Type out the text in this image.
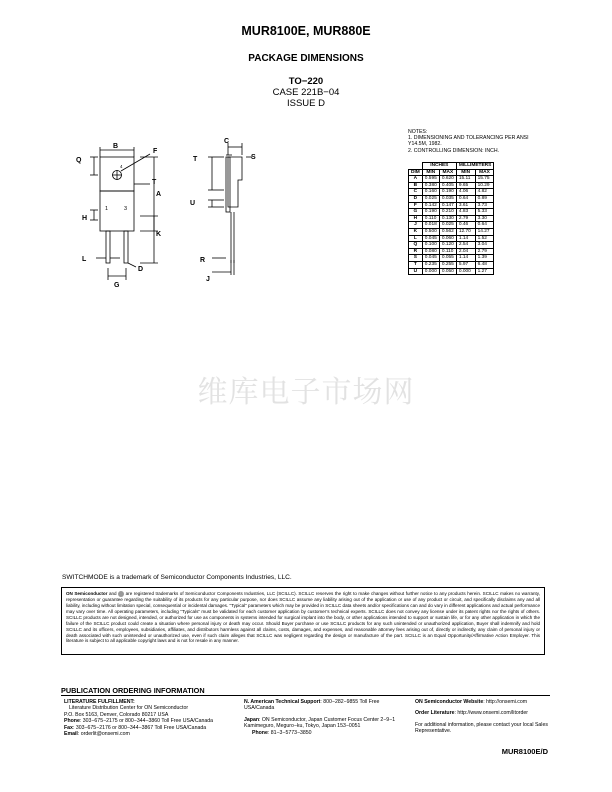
MUR8100E, MUR880E
PACKAGE DIMENSIONS
TO−220
CASE 221B−04
ISSUE D
Q
B
F
T
A
H
K
L
D
G
1	3
4
C
S
T
U
R
J
NOTES:
1. DIMENSIONING AND TOLERANCING PER ANSI
Y14.5M, 1982.
2. CONTROLLING DIMENSION: INCH.
	INCHES		MILLIMETERS	
DIM	MIN	MAX	MIN	MAX
A	0.595	0.620	15.11	15.75
B	0.380	0.405	9.65	10.29
C	0.160	0.190	4.06	4.82
D	0.025	0.035	0.64	0.89
F	0.142	0.147	3.61	3.73
G	0.190	0.210	4.83	5.33
H	0.110	0.130	2.79	3.30
J	0.018	0.025	0.46	0.64
K	0.500	0.562	12.70	14.27
L	0.045	0.060	1.14	1.52
Q	0.100	0.120	2.54	3.04
R	0.080	0.110	2.04	2.79
S	0.045	0.055	1.14	1.39
T	0.235	0.255	5.97	6.48
U	0.000	0.050	0.000	1.27
维库电子市场网
SWITCHMODE is a trademark of Semiconductor Components Industries, LLC.
ON Semiconductor and  are registered trademarks of Semiconductor Components Industries, LLC (SCILLC). SCILLC reserves the right to make changes without further notice to any products herein. SCILLC makes no warranty, representation or guarantee regarding the suitability of its products for any particular purpose, nor does SCILLC assume any liability arising out of the application or use of any product or circuit, and specifically disclaims any and all liability, including without limitation special, consequential or incidental damages. “Typical” parameters which may be provided in SCILLC data sheets and/or specifications can and do vary in different applications and actual performance may vary over time. All operating parameters, including “Typicals” must be validated for each customer application by customer’s technical experts. SCILLC does not convey any license under its patent rights nor the rights of others. SCILLC products are not designed, intended, or authorized for use as components in systems intended for surgical implant into the body, or other applications intended to support or sustain life, or for any other application in which the failure of the SCILLC product could create a situation where personal injury or death may occur. Should Buyer purchase or use SCILLC products for any such unintended or unauthorized application, Buyer shall indemnify and hold SCILLC and its officers, employees, subsidiaries, affiliates, and distributors harmless against all claims, costs, damages, and expenses, and reasonable attorney fees arising out of, directly or indirectly, any claim of personal injury or death associated with such unintended or unauthorized use, even if such claim alleges that SCILLC was negligent regarding the design or manufacture of the part. SCILLC is an Equal Opportunity/Affirmative Action Employer. This literature is subject to all applicable copyright laws and is not for resale in any manner.
PUBLICATION ORDERING INFORMATION
LITERATURE FULFILLMENT:
Literature Distribution Center for ON Semiconductor
P.O. Box 5163, Denver, Colorado 80217 USA
Phone: 303−675−2175 or 800−344−3860 Toll Free USA/Canada
Fax: 303−675−2176 or 800−344−3867 Toll Free USA/Canada
Email: orderlit@onsemi.com
N. American Technical Support: 800−282−9855 Toll Free USA/Canada
Japan: ON Semiconductor, Japan Customer Focus Center 2−9−1 Kamimeguro, Meguro−ku, Tokyo, Japan 153−0051
Phone: 81−3−5773−3850
ON Semiconductor Website: http://onsemi.com
Order Literature: http://www.onsemi.com/litorder
For additional information, please contact your local Sales Representative.
MUR8100E/D
